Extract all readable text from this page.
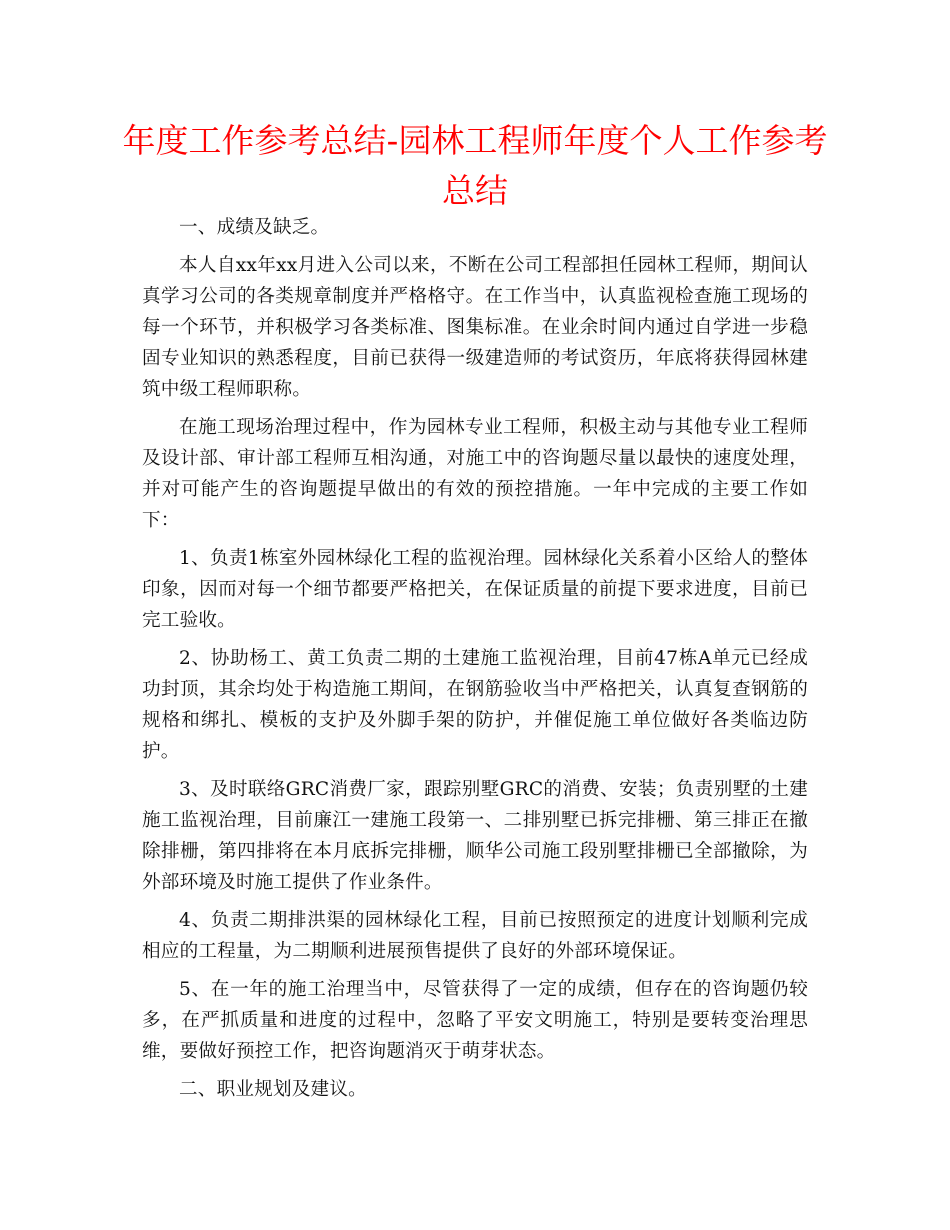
年度工作参考总结-园林工程师年度个人工作参考总结

一、成绩及缺乏。

本人自xx年xx月进入公司以来，不断在公司工程部担任园林工程师，期间认真学习公司的各类规章制度并严格格守。在工作当中，认真监视检查施工现场的每一个环节，并积极学习各类标准、图集标准。在业余时间内通过自学进一步稳固专业知识的熟悉程度，目前已获得一级建造师的考试资历，年底将获得园林建筑中级工程师职称。

在施工现场治理过程中，作为园林专业工程师，积极主动与其他专业工程师及设计部、审计部工程师互相沟通，对施工中的咨询题尽量以最快的速度处理，并对可能产生的咨询题提早做出的有效的预控措施。一年中完成的主要工作如下：

1、负责1栋室外园林绿化工程的监视治理。园林绿化关系着小区给人的整体印象，因而对每一个细节都要严格把关，在保证质量的前提下要求进度，目前已完工验收。

2、协助杨工、黄工负责二期的土建施工监视治理，目前47栋A单元已经成功封顶，其余均处于构造施工期间，在钢筋验收当中严格把关，认真复查钢筋的规格和绑扎、模板的支护及外脚手架的防护，并催促施工单位做好各类临边防护。

3、及时联络GRC消费厂家，跟踪别墅GRC的消费、安装；负责别墅的土建施工监视治理，目前廉江一建施工段第一、二排别墅已拆完排栅、第三排正在撤除排栅，第四排将在本月底拆完排栅，顺华公司施工段别墅排栅已全部撤除，为外部环境及时施工提供了作业条件。

4、负责二期排洪渠的园林绿化工程，目前已按照预定的进度计划顺利完成相应的工程量，为二期顺利进展预售提供了良好的外部环境保证。

5、在一年的施工治理当中，尽管获得了一定的成绩，但存在的咨询题仍较多，在严抓质量和进度的过程中，忽略了平安文明施工，特别是要转变治理思维，要做好预控工作，把咨询题消灭于萌芽状态。

二、职业规划及建议。
